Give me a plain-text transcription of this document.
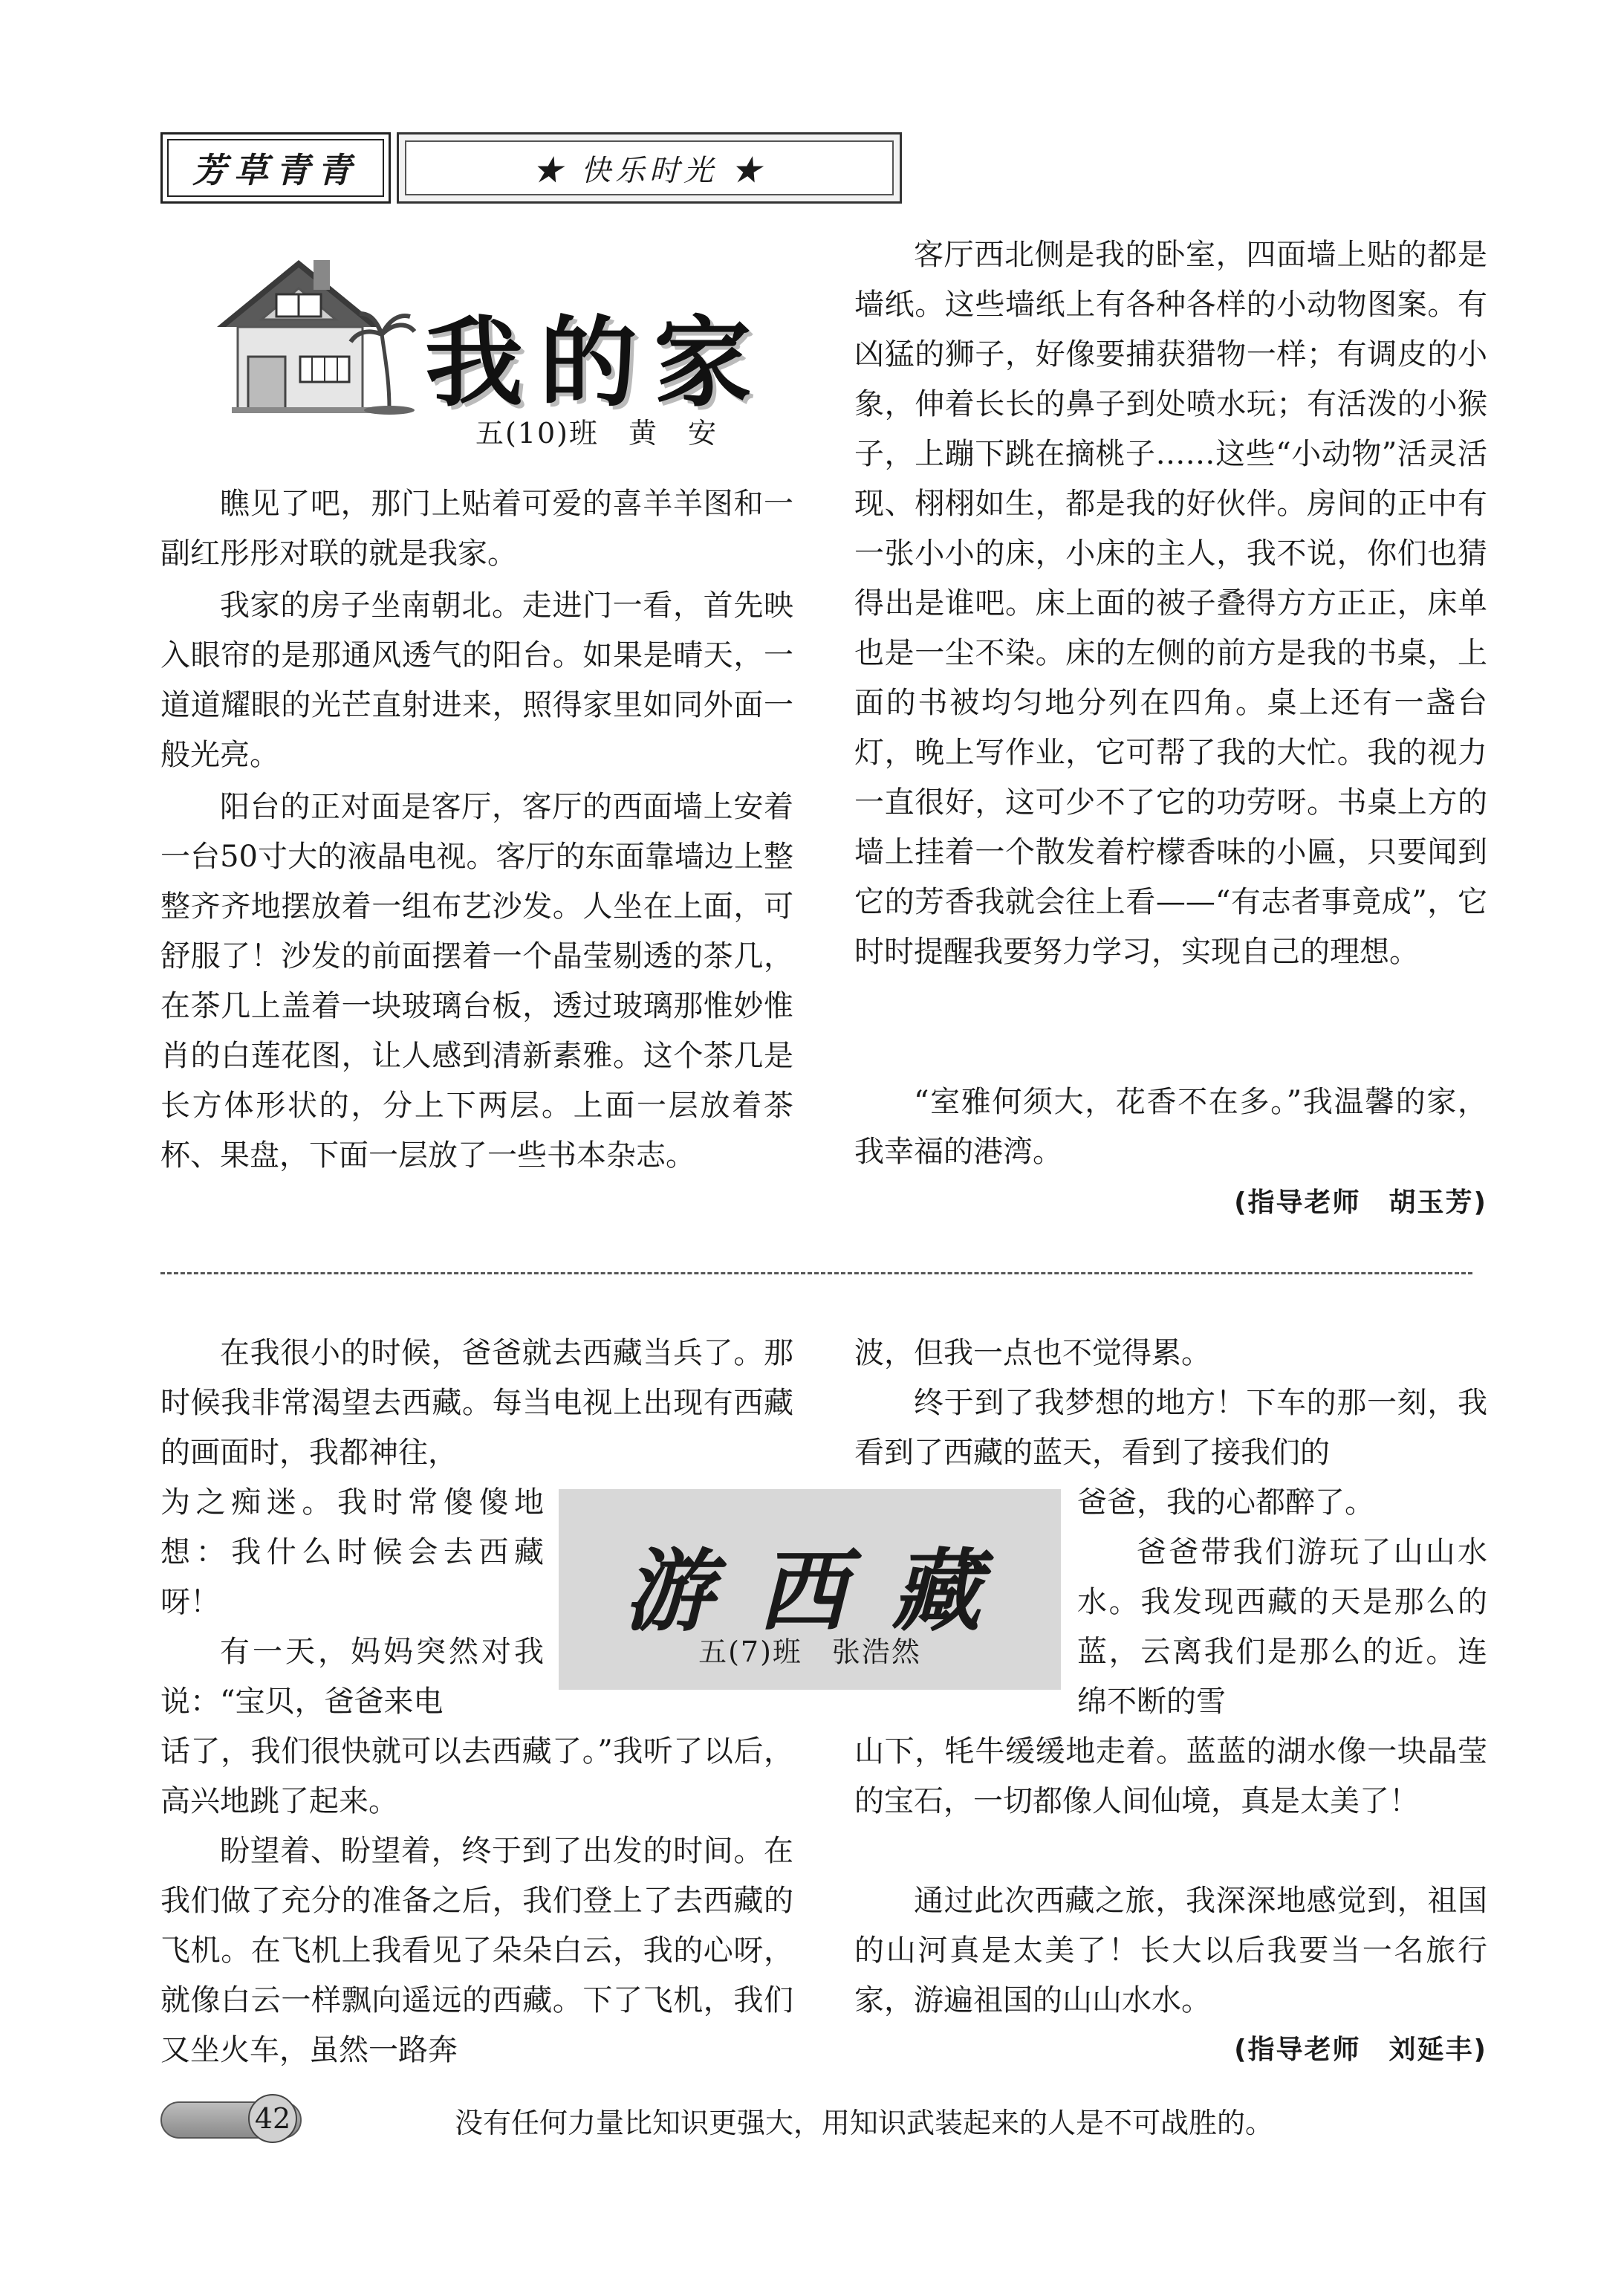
芳草青青	★ 快乐时光 ★
我的家
五(10)班　黄　安

瞧见了吧，那门上贴着可爱的喜羊羊图和一副红彤彤对联的就是我家。

我家的房子坐南朝北。走进门一看，首先映入眼帘的是那通风透气的阳台。如果是晴天，一道道耀眼的光芒直射进来，照得家里如同外面一般光亮。

阳台的正对面是客厅，客厅的西面墙上安着一台50寸大的液晶电视。客厅的东面靠墙边上整整齐齐地摆放着一组布艺沙发。人坐在上面，可舒服了！沙发的前面摆着一个晶莹剔透的茶几，在茶几上盖着一块玻璃台板，透过玻璃那惟妙惟肖的白莲花图，让人感到清新素雅。这个茶几是长方体形状的，分上下两层。上面一层放着茶杯、果盘，下面一层放了一些书本杂志。

客厅西北侧是我的卧室，四面墙上贴的都是墙纸。这些墙纸上有各种各样的小动物图案。有凶猛的狮子，好像要捕获猎物一样；有调皮的小象，伸着长长的鼻子到处喷水玩；有活泼的小猴子，上蹦下跳在摘桃子……这些“小动物”活灵活现、栩栩如生，都是我的好伙伴。房间的正中有一张小小的床，小床的主人，我不说，你们也猜得出是谁吧。床上面的被子叠得方方正正，床单也是一尘不染。床的左侧的前方是我的书桌，上面的书被均匀地分列在四角。桌上还有一盏台灯，晚上写作业，它可帮了我的大忙。我的视力一直很好，这可少不了它的功劳呀。书桌上方的墙上挂着一个散发着柠檬香味的小匾，只要闻到它的芳香我就会往上看——“有志者事竟成”，它时时提醒我要努力学习，实现自己的理想。

“室雅何须大，花香不在多。”我温馨的家，我幸福的港湾。

(指导老师　胡玉芳)
游西藏
五(7)班　张浩然

在我很小的时候，爸爸就去西藏当兵了。那时候我非常渴望去西藏。每当电视上出现有西藏的画面时，我都神往，

为之痴迷。我时常傻傻地想：我什么时候会去西藏呀！

有一天，妈妈突然对我说：“宝贝，爸爸来电

话了，我们很快就可以去西藏了。”我听了以后，高兴地跳了起来。

盼望着、盼望着，终于到了出发的时间。在我们做了充分的准备之后，我们登上了去西藏的飞机。在飞机上我看见了朵朵白云，我的心呀，就像白云一样飘向遥远的西藏。下了飞机，我们又坐火车，虽然一路奔

波，但我一点也不觉得累。

终于到了我梦想的地方！下车的那一刻，我看到了西藏的蓝天，看到了接我们的

爸爸，我的心都醉了。

爸爸带我们游玩了山山水水。我发现西藏的天是那么的蓝，云离我们是那么的近。连绵不断的雪

山下，牦牛缓缓地走着。蓝蓝的湖水像一块晶莹的宝石，一切都像人间仙境，真是太美了！

通过此次西藏之旅，我深深地感觉到，祖国的山河真是太美了！长大以后我要当一名旅行家，游遍祖国的山山水水。

(指导老师　刘延丰)
42	没有任何力量比知识更强大，用知识武装起来的人是不可战胜的。
